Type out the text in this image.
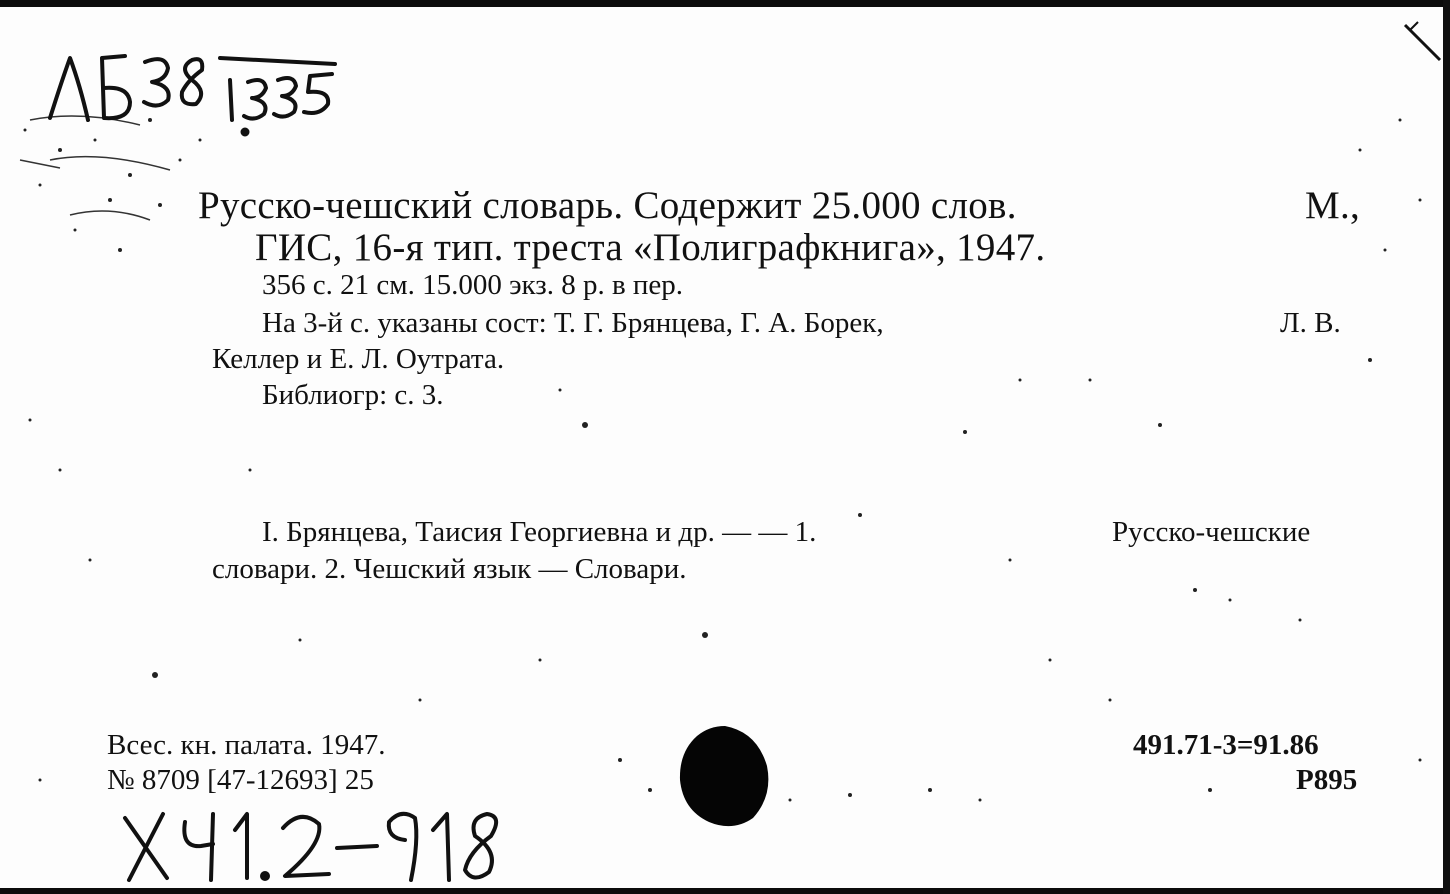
Русско-чешский словарь. Содержит 25.000 слов.	М.,
ГИС, 16-я тип. треста «Полиграфкнига», 1947.
356 с. 21 см. 15.000 экз. 8 р. в пер.
На 3-й с. указаны сост: Т. Г. Брянцева, Г. А. Борек,	Л. В.
Келлер и Е. Л. Оутрата.
Библиогр: с. 3.
I. Брянцева, Таисия Георгиевна и др. — — 1.	Русско-чешские
словари. 2. Чешский язык — Словари.
Всес. кн. палата. 1947.
№ 8709 [47-12693] 25
491.71-3=91.86
Р895
